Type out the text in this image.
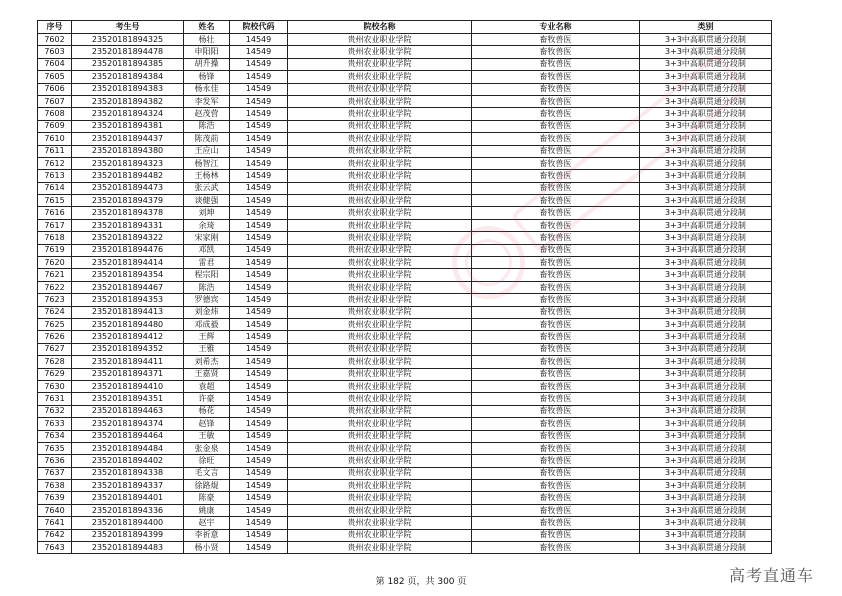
序号	考生号	姓名	院校代码	院校名称	专业名称	类别
7602	23520181894325	杨壮	14549	贵州农业职业学院	畜牧兽医	3+3中高职贯通分段制
7603	23520181894478	申阳阳	14549	贵州农业职业学院	畜牧兽医	3+3中高职贯通分段制
7604	23520181894385	胡升操	14549	贵州农业职业学院	畜牧兽医	3+3中高职贯通分段制
7605	23520181894384	杨锋	14549	贵州农业职业学院	畜牧兽医	3+3中高职贯通分段制
7606	23520181894383	杨永佳	14549	贵州农业职业学院	畜牧兽医	3+3中高职贯通分段制
7607	23520181894382	李发军	14549	贵州农业职业学院	畜牧兽医	3+3中高职贯通分段制
7608	23520181894324	赵茂营	14549	贵州农业职业学院	畜牧兽医	3+3中高职贯通分段制
7609	23520181894381	陈浩	14549	贵州农业职业学院	畜牧兽医	3+3中高职贯通分段制
7610	23520181894437	陈茂前	14549	贵州农业职业学院	畜牧兽医	3+3中高职贯通分段制
7611	23520181894380	王应山	14549	贵州农业职业学院	畜牧兽医	3+3中高职贯通分段制
7612	23520181894323	杨智江	14549	贵州农业职业学院	畜牧兽医	3+3中高职贯通分段制
7613	23520181894482	王杨林	14549	贵州农业职业学院	畜牧兽医	3+3中高职贯通分段制
7614	23520181894473	张云武	14549	贵州农业职业学院	畜牧兽医	3+3中高职贯通分段制
7615	23520181894379	谈健强	14549	贵州农业职业学院	畜牧兽医	3+3中高职贯通分段制
7616	23520181894378	刘坤	14549	贵州农业职业学院	畜牧兽医	3+3中高职贯通分段制
7617	23520181894331	余琦	14549	贵州农业职业学院	畜牧兽医	3+3中高职贯通分段制
7618	23520181894322	宋家刚	14549	贵州农业职业学院	畜牧兽医	3+3中高职贯通分段制
7619	23520181894476	邓凯	14549	贵州农业职业学院	畜牧兽医	3+3中高职贯通分段制
7620	23520181894414	雷君	14549	贵州农业职业学院	畜牧兽医	3+3中高职贯通分段制
7621	23520181894354	程宗阳	14549	贵州农业职业学院	畜牧兽医	3+3中高职贯通分段制
7622	23520181894467	陈浩	14549	贵州农业职业学院	畜牧兽医	3+3中高职贯通分段制
7623	23520181894353	罗德宾	14549	贵州农业职业学院	畜牧兽医	3+3中高职贯通分段制
7624	23520181894413	刘金炜	14549	贵州农业职业学院	畜牧兽医	3+3中高职贯通分段制
7625	23520181894480	邓成毅	14549	贵州农业职业学院	畜牧兽医	3+3中高职贯通分段制
7626	23520181894412	王辉	14549	贵州农业职业学院	畜牧兽医	3+3中高职贯通分段制
7627	23520181894352	王雅	14549	贵州农业职业学院	畜牧兽医	3+3中高职贯通分段制
7628	23520181894411	刘希杰	14549	贵州农业职业学院	畜牧兽医	3+3中高职贯通分段制
7629	23520181894371	王嘉贤	14549	贵州农业职业学院	畜牧兽医	3+3中高职贯通分段制
7630	23520181894410	袁超	14549	贵州农业职业学院	畜牧兽医	3+3中高职贯通分段制
7631	23520181894351	许豪	14549	贵州农业职业学院	畜牧兽医	3+3中高职贯通分段制
7632	23520181894463	杨花	14549	贵州农业职业学院	畜牧兽医	3+3中高职贯通分段制
7633	23520181894374	赵锋	14549	贵州农业职业学院	畜牧兽医	3+3中高职贯通分段制
7634	23520181894464	王敏	14549	贵州农业职业学院	畜牧兽医	3+3中高职贯通分段制
7635	23520181894484	张金泉	14549	贵州农业职业学院	畜牧兽医	3+3中高职贯通分段制
7636	23520181894402	徐旺	14549	贵州农业职业学院	畜牧兽医	3+3中高职贯通分段制
7637	23520181894338	毛文言	14549	贵州农业职业学院	畜牧兽医	3+3中高职贯通分段制
7638	23520181894337	徐路焜	14549	贵州农业职业学院	畜牧兽医	3+3中高职贯通分段制
7639	23520181894401	陈豪	14549	贵州农业职业学院	畜牧兽医	3+3中高职贯通分段制
7640	23520181894336	姚康	14549	贵州农业职业学院	畜牧兽医	3+3中高职贯通分段制
7641	23520181894400	赵宇	14549	贵州农业职业学院	畜牧兽医	3+3中高职贯通分段制
7642	23520181894399	李祈意	14549	贵州农业职业学院	畜牧兽医	3+3中高职贯通分段制
7643	23520181894483	杨小贤	14549	贵州农业职业学院	畜牧兽医	3+3中高职贯通分段制
第 182 页，共 300 页	高考直通车
